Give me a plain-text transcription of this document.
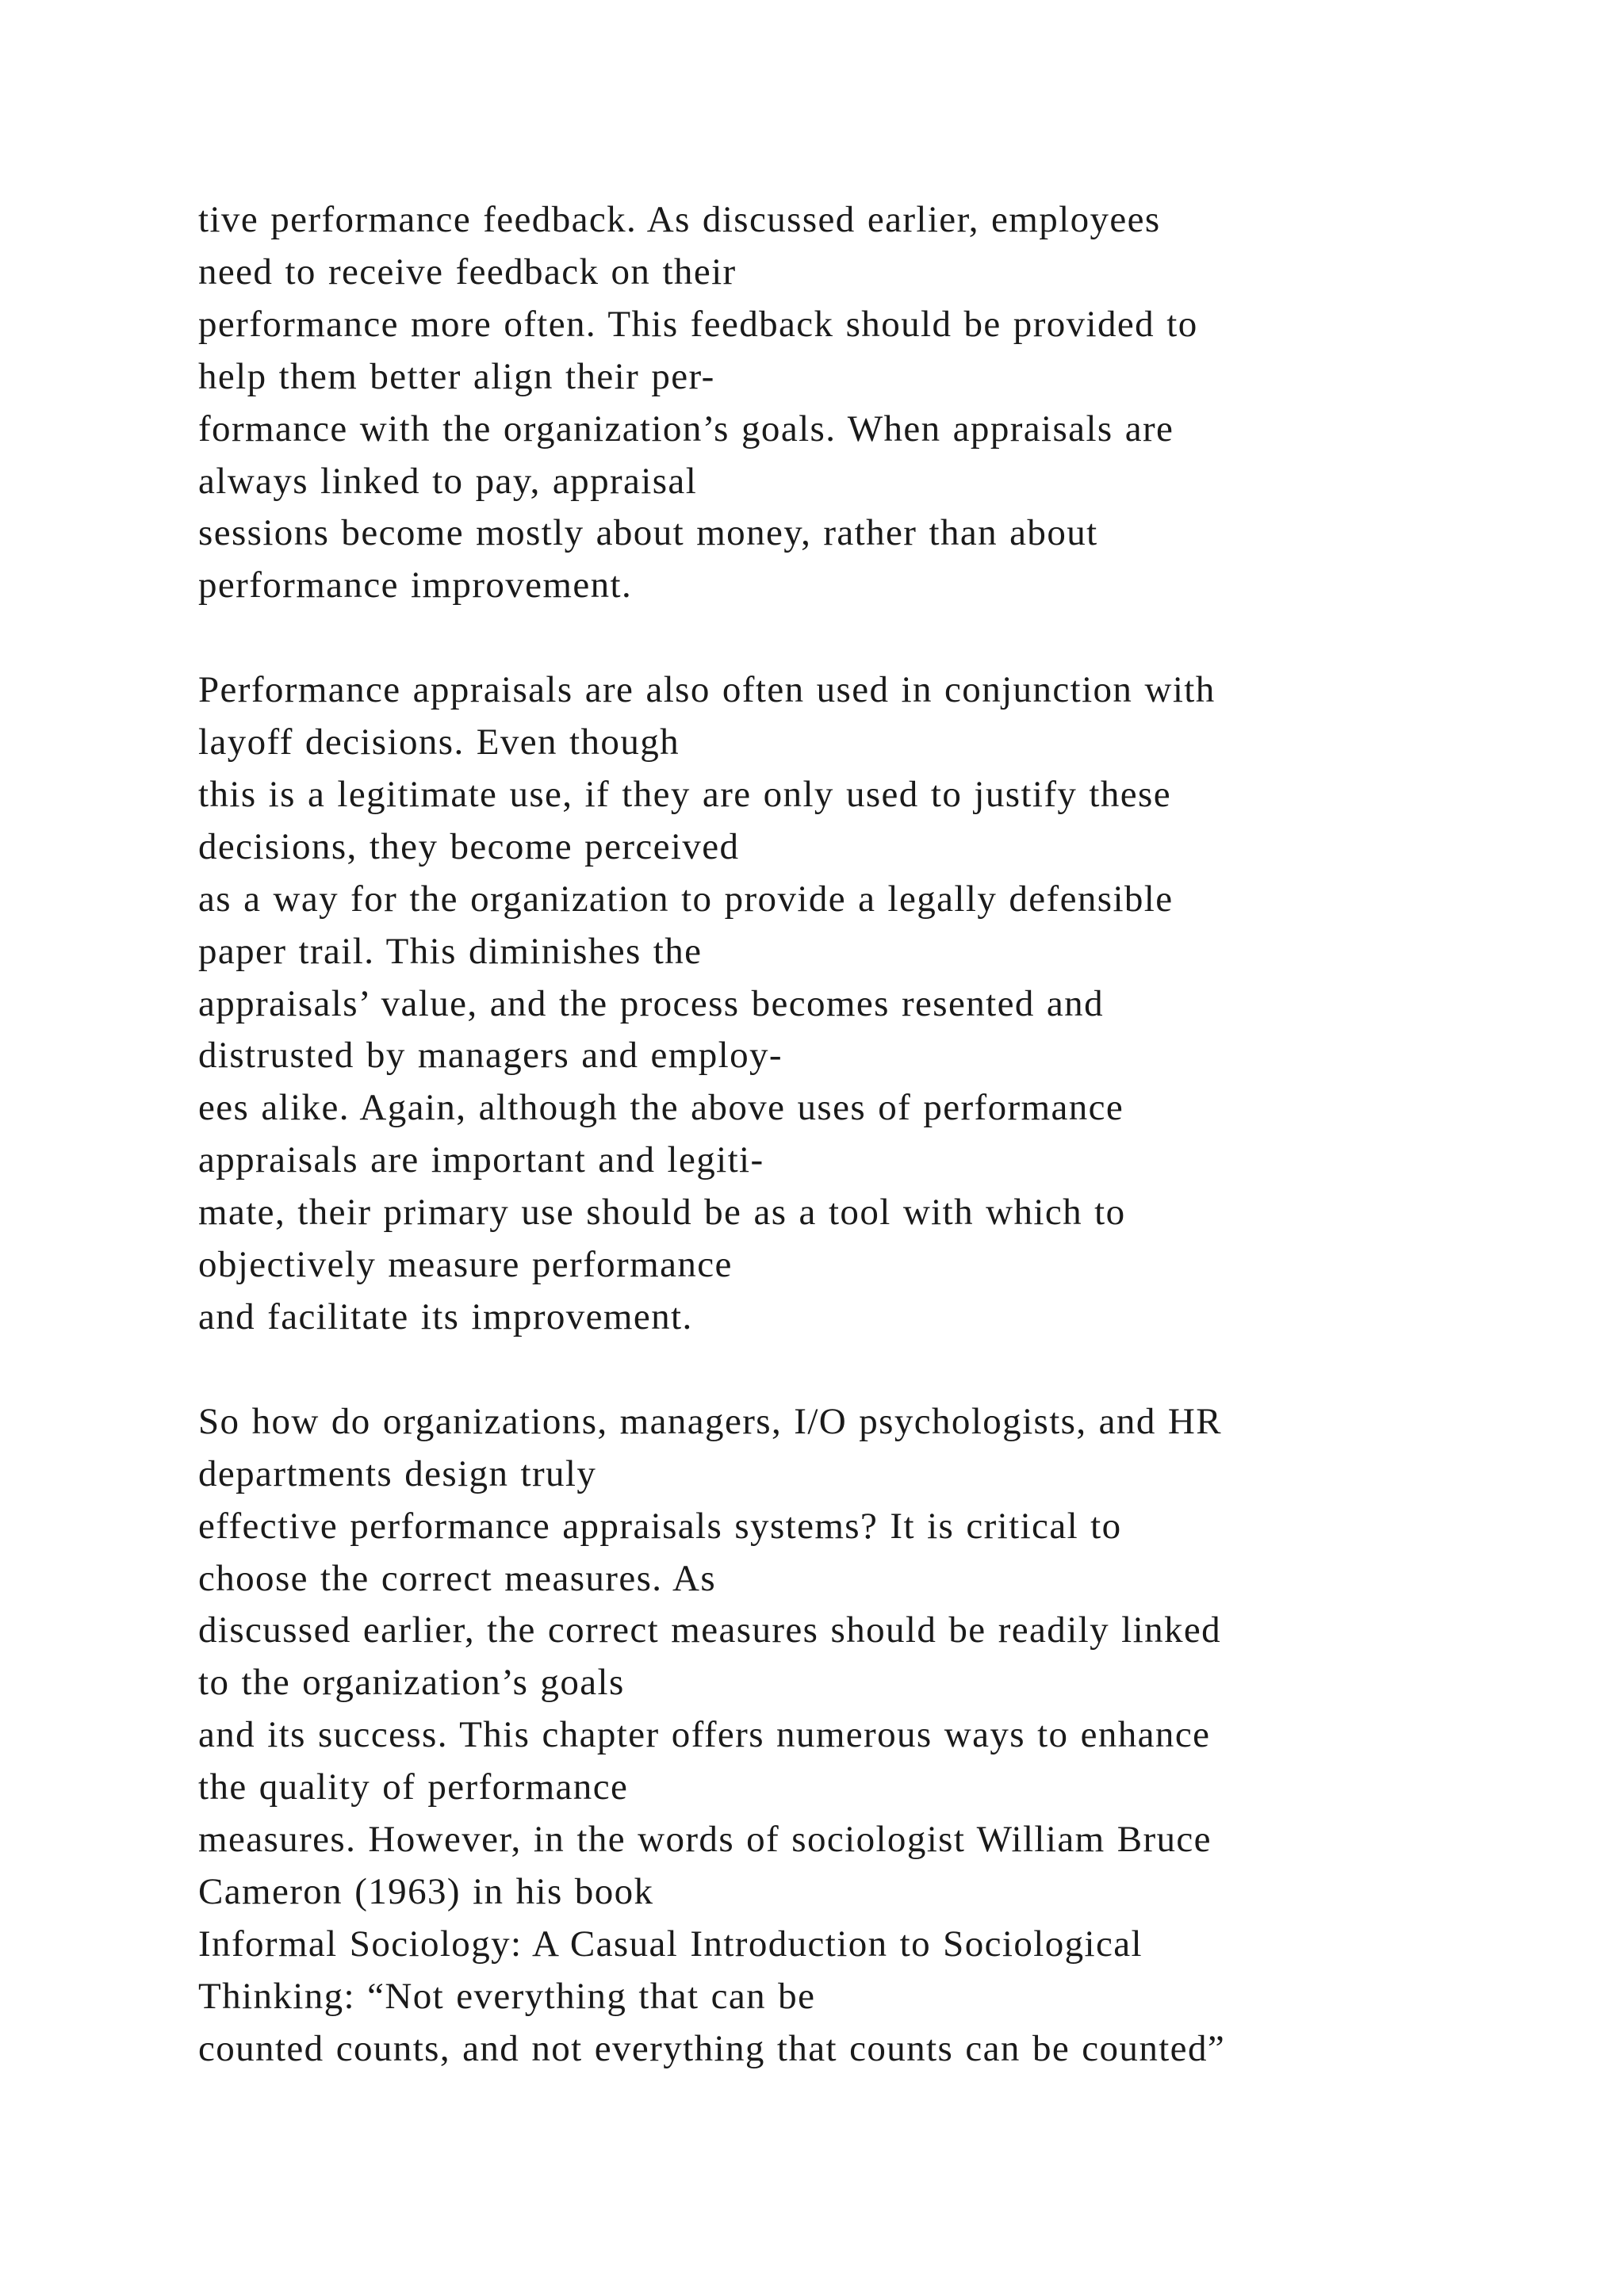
tive performance feedback. As discussed earlier, employees
need to receive feedback on their
performance more often. This feedback should be provided to
help them better align their per-
formance with the organization’s goals. When appraisals are
always linked to pay, appraisal
sessions become mostly about money, rather than about
performance improvement.

Performance appraisals are also often used in conjunction with
layoff decisions. Even though
this is a legitimate use, if they are only used to justify these
decisions, they become perceived
as a way for the organization to provide a legally defensible
paper trail. This diminishes the
appraisals’ value, and the process becomes resented and
distrusted by managers and employ-
ees alike. Again, although the above uses of performance
appraisals are important and legiti-
mate, their primary use should be as a tool with which to
objectively measure performance
and facilitate its improvement.

So how do organizations, managers, I/O psychologists, and HR
departments design truly
effective performance appraisals systems? It is critical to
choose the correct measures. As
discussed earlier, the correct measures should be readily linked
to the organization’s goals
and its success. This chapter offers numerous ways to enhance
the quality of performance
measures. However, in the words of sociologist William Bruce
Cameron (1963) in his book
Informal Sociology: A Casual Introduction to Sociological
Thinking: “Not everything that can be
counted counts, and not everything that counts can be counted”
